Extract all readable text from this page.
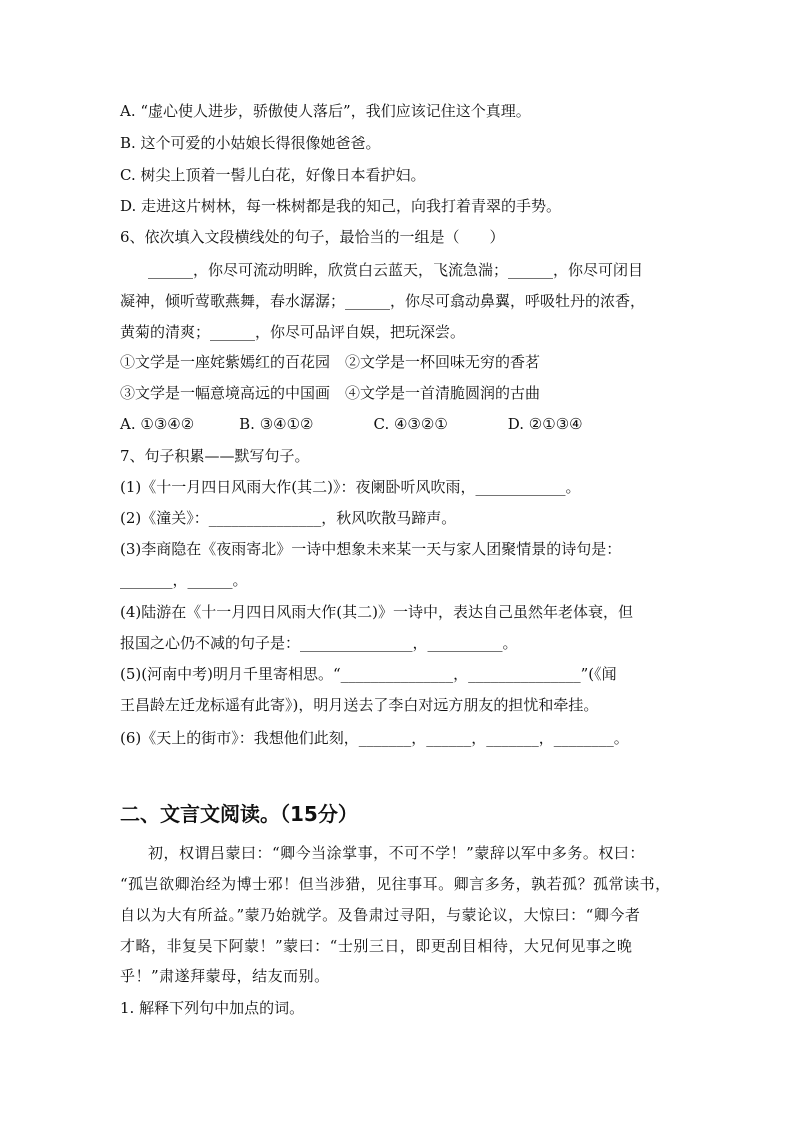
A. “虚心使人进步，骄傲使人落后”，我们应该记住这个真理。
B. 这个可爱的小姑娘长得很像她爸爸。
C. 树尖上顶着一髻儿白花，好像日本看护妇。
D. 走进这片树林，每一株树都是我的知己，向我打着青翠的手势。
6、依次填入文段横线处的句子，最恰当的一组是（　　）
______，你尽可流动明眸，欣赏白云蓝天，飞流急湍；______，你尽可闭目
凝神，倾听莺歌燕舞，春水潺潺；______，你尽可翕动鼻翼，呼吸牡丹的浓香，
黄菊的清爽；______，你尽可品评自娱，把玩深尝。
①文学是一座姹紫嫣红的百花园　②文学是一杯回味无穷的香茗
③文学是一幅意境高远的中国画　④文学是一首清脆圆润的古曲
A. ①③④②　　　B. ③④①②　　　　C. ④③②①　　　　D. ②①③④
7、句子积累——默写句子。
(1)《十一月四日风雨大作(其二)》：夜阑卧听风吹雨，____________。
(2)《潼关》：_______________，秋风吹散马蹄声。
(3)李商隐在《夜雨寄北》一诗中想象未来某一天与家人团聚情景的诗句是：
_______，______。
(4)陆游在《十一月四日风雨大作(其二)》一诗中，表达自己虽然年老体衰，但
报国之心仍不减的句子是：_______________，__________。
(5)(河南中考)明月千里寄相思。“_______________，_______________”(《闻
王昌龄左迁龙标遥有此寄》)，明月送去了李白对远方朋友的担忧和牵挂。
(6)《天上的街市》：我想他们此刻，_______，______，_______，________。
二、文言文阅读。（15分）
初，权谓吕蒙曰：“卿今当涂掌事，不可不学！”蒙辞以军中多务。权曰：
“孤岂欲卿治经为博士邪！但当涉猎，见往事耳。卿言多务，孰若孤？孤常读书，
自以为大有所益。”蒙乃始就学。及鲁肃过寻阳，与蒙论议，大惊曰：“卿今者
才略，非复吴下阿蒙！”蒙曰：“士别三日，即更刮目相待，大兄何见事之晚
乎！”肃遂拜蒙母，结友而别。
1. 解释下列句中加点的词。
